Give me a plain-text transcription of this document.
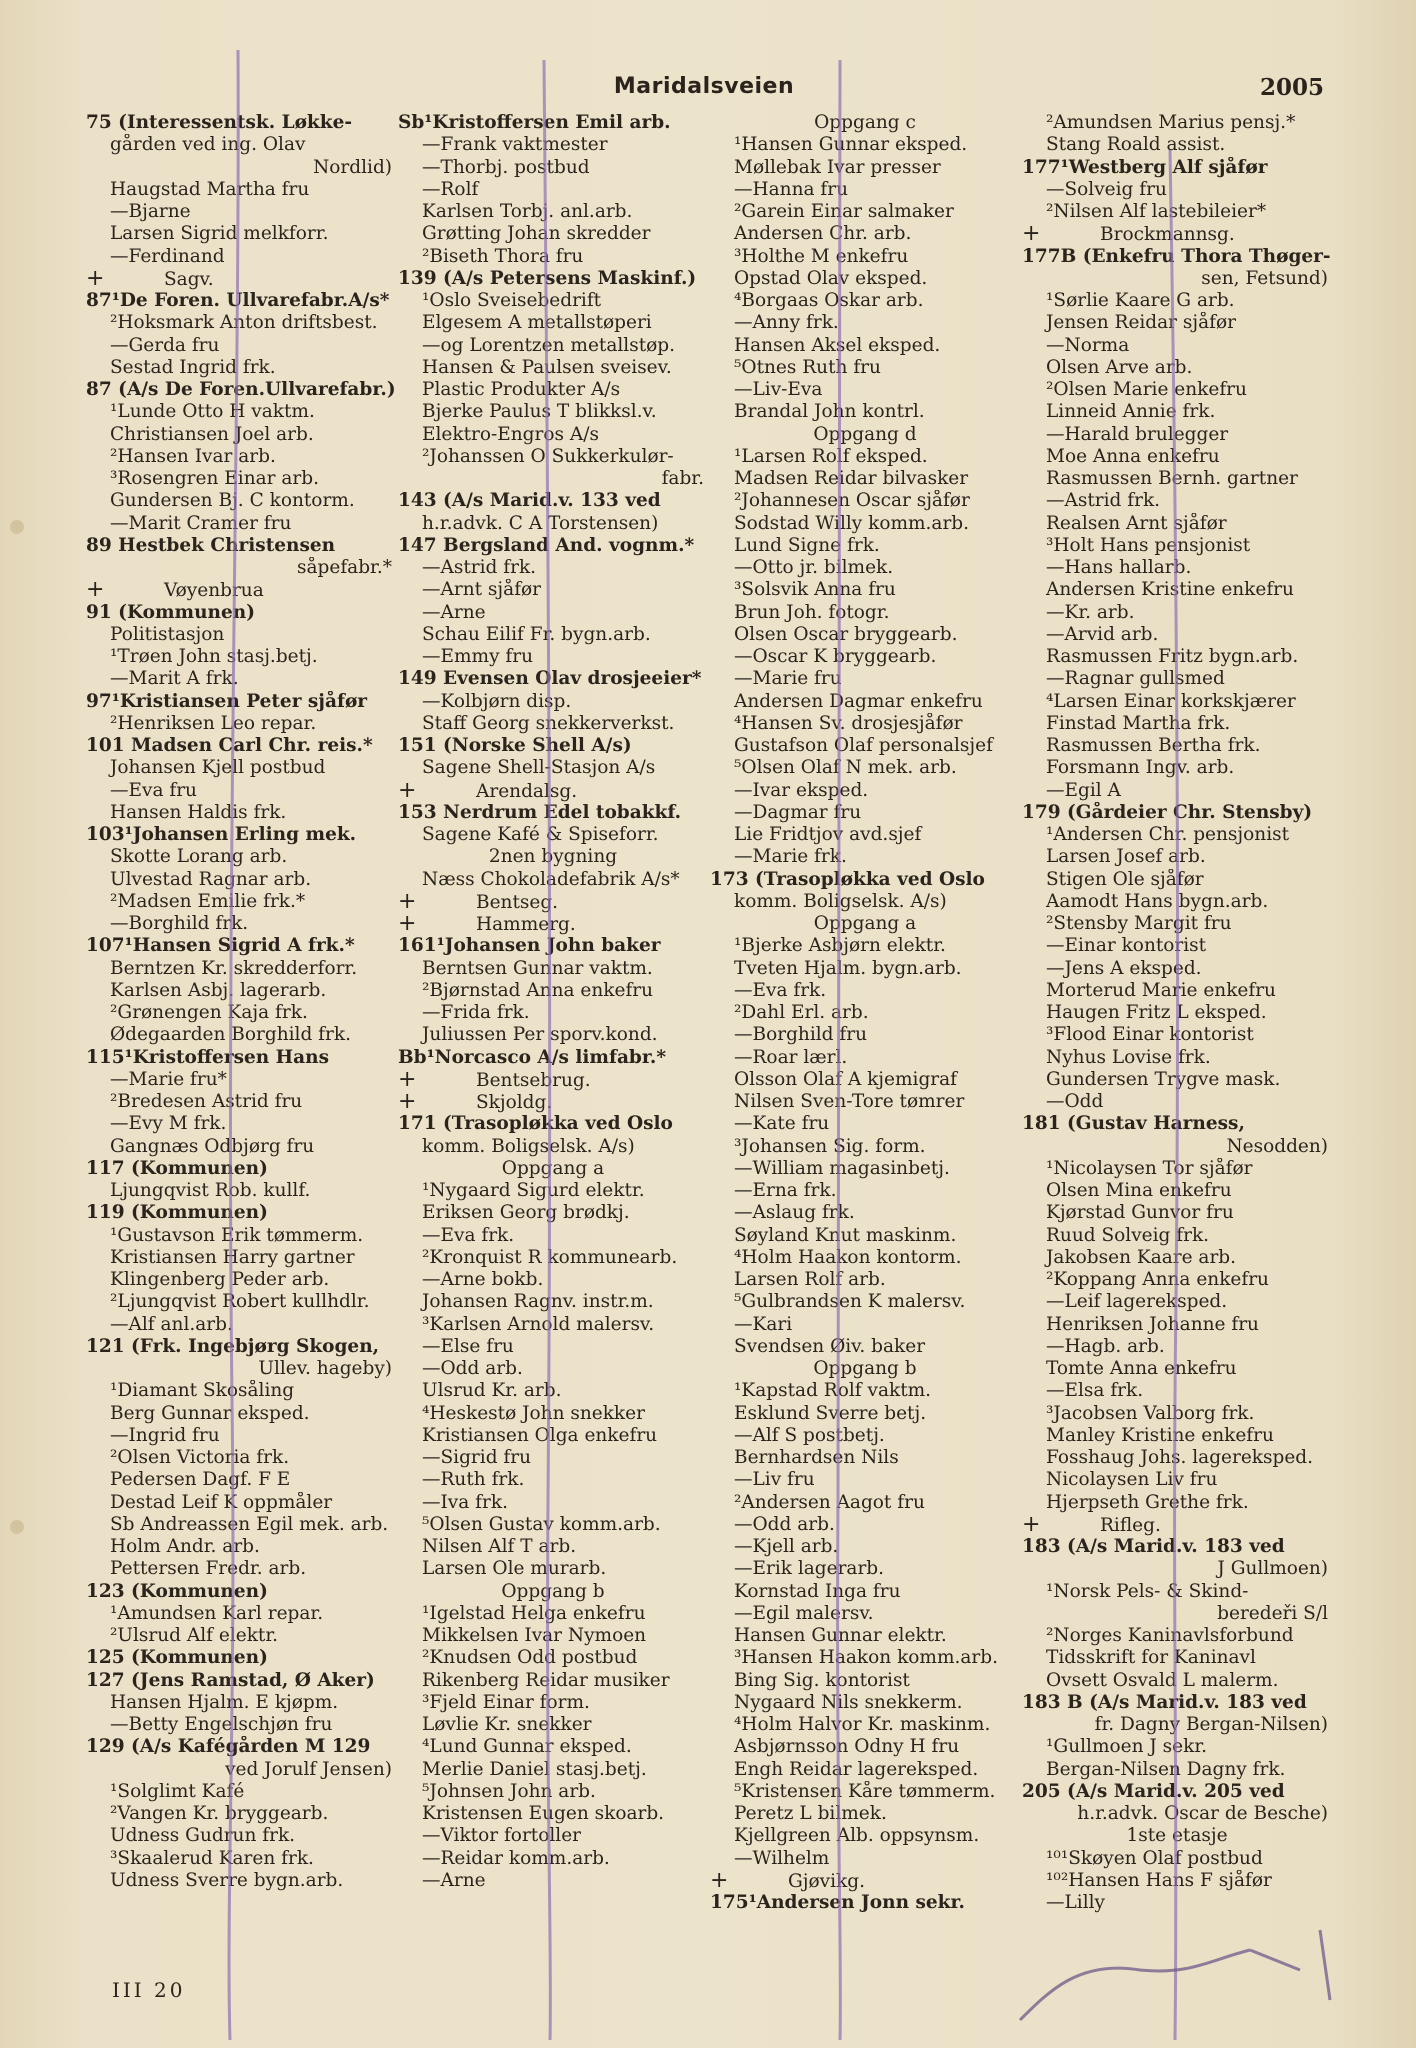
Maridalsveien	2005
75 (Interessentsk. Løkke-
gården ved ing. Olav
Nordlid)
Haugstad Martha fru
—Bjarne
Larsen Sigrid melkforr.
—Ferdinand
+	Sagv.
87¹De Foren. Ullvarefabr.A/s*
²Hoksmark Anton driftsbest.
—Gerda fru
Sestad Ingrid frk.
87 (A/s De Foren.Ullvarefabr.)
¹Lunde Otto H vaktm.
Christiansen Joel arb.
²Hansen Ivar arb.
³Rosengren Einar arb.
Gundersen Bj. C kontorm.
—Marit Cramer fru
89 Hestbek Christensen
såpefabr.*
+	Vøyenbrua
91 (Kommunen)
Politistasjon
¹Trøen John stasj.betj.
—Marit A frk.
97¹Kristiansen Peter sjåfør
²Henriksen Leo repar.
101 Madsen Carl Chr. reis.*
Johansen Kjell postbud
—Eva fru
Hansen Haldis frk.
103¹Johansen Erling mek.
Skotte Lorang arb.
Ulvestad Ragnar arb.
²Madsen Emilie frk.*
—Borghild frk.
107¹Hansen Sigrid A frk.*
Berntzen Kr. skredderforr.
Karlsen Asbj. lagerarb.
²Grønengen Kaja frk.
Ødegaarden Borghild frk.
115¹Kristoffersen Hans
—Marie fru*
²Bredesen Astrid fru
—Evy M frk.
Gangnæs Odbjørg fru
117 (Kommunen)
Ljungqvist Rob. kullf.
119 (Kommunen)
¹Gustavson Erik tømmerm.
Kristiansen Harry gartner
Klingenberg Peder arb.
²Ljungqvist Robert kullhdlr.
—Alf anl.arb.
121 (Frk. Ingebjørg Skogen,
Ullev. hageby)
¹Diamant Skosåling
Berg Gunnar eksped.
—Ingrid fru
²Olsen Victoria frk.
Pedersen Dagf. F E
Destad Leif K oppmåler
Sb Andreassen Egil mek. arb.
Holm Andr. arb.
Pettersen Fredr. arb.
123 (Kommunen)
¹Amundsen Karl repar.
²Ulsrud Alf elektr.
125 (Kommunen)
127 (Jens Ramstad, Ø Aker)
Hansen Hjalm. E kjøpm.
—Betty Engelschjøn fru
129 (A/s Kafégården M 129
ved Jorulf Jensen)
¹Solglimt Kafé
²Vangen Kr. bryggearb.
Udness Gudrun frk.
³Skaalerud Karen frk.
Udness Sverre bygn.arb.
Sb¹Kristoffersen Emil arb.
—Frank vaktmester
—Thorbj. postbud
—Rolf
Karlsen Torbj. anl.arb.
Grøtting Johan skredder
²Biseth Thora fru
139 (A/s Petersens Maskinf.)
¹Oslo Sveisebedrift
Elgesem A metallstøperi
—og Lorentzen metallstøp.
Hansen & Paulsen sveisev.
Plastic Produkter A/s
Bjerke Paulus T blikksl.v.
Elektro-Engros A/s
²Johanssen O Sukkerkulør-
fabr.
143 (A/s Marid.v. 133 ved
h.r.advk. C A Torstensen)
147 Bergsland And. vognm.*
—Astrid frk.
—Arnt sjåfør
—Arne
Schau Eilif Fr. bygn.arb.
—Emmy fru
149 Evensen Olav drosjeeier*
—Kolbjørn disp.
Staff Georg snekkerverkst.
151 (Norske Shell A/s)
Sagene Shell-Stasjon A/s
+	Arendalsg.
153 Nerdrum Edel tobakkf.
Sagene Kafé & Spiseforr.
2nen bygning
Næss Chokoladefabrik A/s*
+	Bentseg.
+	Hammerg.
161¹Johansen John baker
Berntsen Gunnar vaktm.
²Bjørnstad Anna enkefru
—Frida frk.
Juliussen Per sporv.kond.
Bb¹Norcasco A/s limfabr.*
+	Bentsebrug.
+	Skjoldg.
171 (Trasopløkka ved Oslo
komm. Boligselsk. A/s)
Oppgang a
¹Nygaard Sigurd elektr.
Eriksen Georg brødkj.
—Eva frk.
²Kronquist R kommunearb.
—Arne bokb.
Johansen Ragnv. instr.m.
³Karlsen Arnold malersv.
—Else fru
—Odd arb.
Ulsrud Kr. arb.
⁴Heskestø John snekker
Kristiansen Olga enkefru
—Sigrid fru
—Ruth frk.
—Iva frk.
⁵Olsen Gustav komm.arb.
Nilsen Alf T arb.
Larsen Ole murarb.
Oppgang b
¹Igelstad Helga enkefru
Mikkelsen Ivar Nymoen
²Knudsen Odd postbud
Rikenberg Reidar musiker
³Fjeld Einar form.
Løvlie Kr. snekker
⁴Lund Gunnar eksped.
Merlie Daniel stasj.betj.
⁵Johnsen John arb.
Kristensen Eugen skoarb.
—Viktor fortoller
—Reidar komm.arb.
—Arne
Oppgang c
¹Hansen Gunnar eksped.
Møllebak Ivar presser
—Hanna fru
²Garein Einar salmaker
Andersen Chr. arb.
³Holthe M enkefru
Opstad Olav eksped.
⁴Borgaas Oskar arb.
—Anny frk.
Hansen Aksel eksped.
⁵Otnes Ruth fru
—Liv-Eva
Brandal John kontrl.
Oppgang d
¹Larsen Rolf eksped.
Madsen Reidar bilvasker
²Johannesen Oscar sjåfør
Sodstad Willy komm.arb.
Lund Signe frk.
—Otto jr. bilmek.
³Solsvik Anna fru
Brun Joh. fotogr.
Olsen Oscar bryggearb.
—Oscar K bryggearb.
—Marie fru
Andersen Dagmar enkefru
⁴Hansen Sv. drosjesjåfør
Gustafson Olaf personalsjef
⁵Olsen Olaf N mek. arb.
—Ivar eksped.
—Dagmar fru
Lie Fridtjov avd.sjef
—Marie frk.
173 (Trasopløkka ved Oslo
komm. Boligselsk. A/s)
Oppgang a
¹Bjerke Asbjørn elektr.
Tveten Hjalm. bygn.arb.
—Eva frk.
²Dahl Erl. arb.
—Borghild fru
—Roar lærl.
Olsson Olaf A kjemigraf
Nilsen Sven-Tore tømrer
—Kate fru
³Johansen Sig. form.
—William magasinbetj.
—Erna frk.
—Aslaug frk.
Søyland Knut maskinm.
⁴Holm Haakon kontorm.
Larsen Rolf arb.
⁵Gulbrandsen K malersv.
—Kari
Svendsen Øiv. baker
Oppgang b
¹Kapstad Rolf vaktm.
Esklund Sverre betj.
—Alf S postbetj.
Bernhardsen Nils
—Liv fru
²Andersen Aagot fru
—Odd arb.
—Kjell arb.
—Erik lagerarb.
Kornstad Inga fru
—Egil malersv.
Hansen Gunnar elektr.
³Hansen Haakon komm.arb.
Bing Sig. kontorist
Nygaard Nils snekkerm.
⁴Holm Halvor Kr. maskinm.
Asbjørnsson Odny H fru
Engh Reidar lagereksped.
⁵Kristensen Kåre tømmerm.
Peretz L bilmek.
Kjellgreen Alb. oppsynsm.
—Wilhelm
+	Gjøvikg.
175¹Andersen Jonn sekr.
²Amundsen Marius pensj.*
Stang Roald assist.
177¹Westberg Alf sjåfør
—Solveig fru
²Nilsen Alf lastebileier*
+	Brockmannsg.
177B (Enkefru Thora Thøger-
sen, Fetsund)
¹Sørlie Kaare G arb.
Jensen Reidar sjåfør
—Norma
Olsen Arve arb.
²Olsen Marie enkefru
Linneid Annie frk.
—Harald brulegger
Moe Anna enkefru
Rasmussen Bernh. gartner
—Astrid frk.
Realsen Arnt sjåfør
³Holt Hans pensjonist
—Hans hallarb.
Andersen Kristine enkefru
—Kr. arb.
—Arvid arb.
Rasmussen Fritz bygn.arb.
—Ragnar gullsmed
⁴Larsen Einar korkskjærer
Finstad Martha frk.
Rasmussen Bertha frk.
Forsmann Ingv. arb.
—Egil A
179 (Gårdeier Chr. Stensby)
¹Andersen Chr. pensjonist
Larsen Josef arb.
Stigen Ole sjåfør
Aamodt Hans bygn.arb.
²Stensby Margit fru
—Einar kontorist
—Jens A eksped.
Morterud Marie enkefru
Haugen Fritz L eksped.
³Flood Einar kontorist
Nyhus Lovise frk.
Gundersen Trygve mask.
—Odd
181 (Gustav Harness,
Nesodden)
¹Nicolaysen Tor sjåfør
Olsen Mina enkefru
Kjørstad Gunvor fru
Ruud Solveig frk.
Jakobsen Kaare arb.
²Koppang Anna enkefru
—Leif lagereksped.
Henriksen Johanne fru
—Hagb. arb.
Tomte Anna enkefru
—Elsa frk.
³Jacobsen Valborg frk.
Manley Kristine enkefru
Fosshaug Johs. lagereksped.
Nicolaysen Liv fru
Hjerpseth Grethe frk.
+	Rifleg.
183 (A/s Marid.v. 183 ved
J Gullmoen)
¹Norsk Pels- & Skind-
beredeři S/l
²Norges Kaninavlsforbund
Tidsskrift for Kaninavl
Ovsett Osvald L malerm.
183 B (A/s Marid.v. 183 ved
fr. Dagny Bergan-Nilsen)
¹Gullmoen J sekr.
Bergan-Nilsen Dagny frk.
205 (A/s Marid.v. 205 ved
h.r.advk. Oscar de Besche)
1ste etasje
¹⁰¹Skøyen Olaf postbud
¹⁰²Hansen Hans F sjåfør
—Lilly
III 20
